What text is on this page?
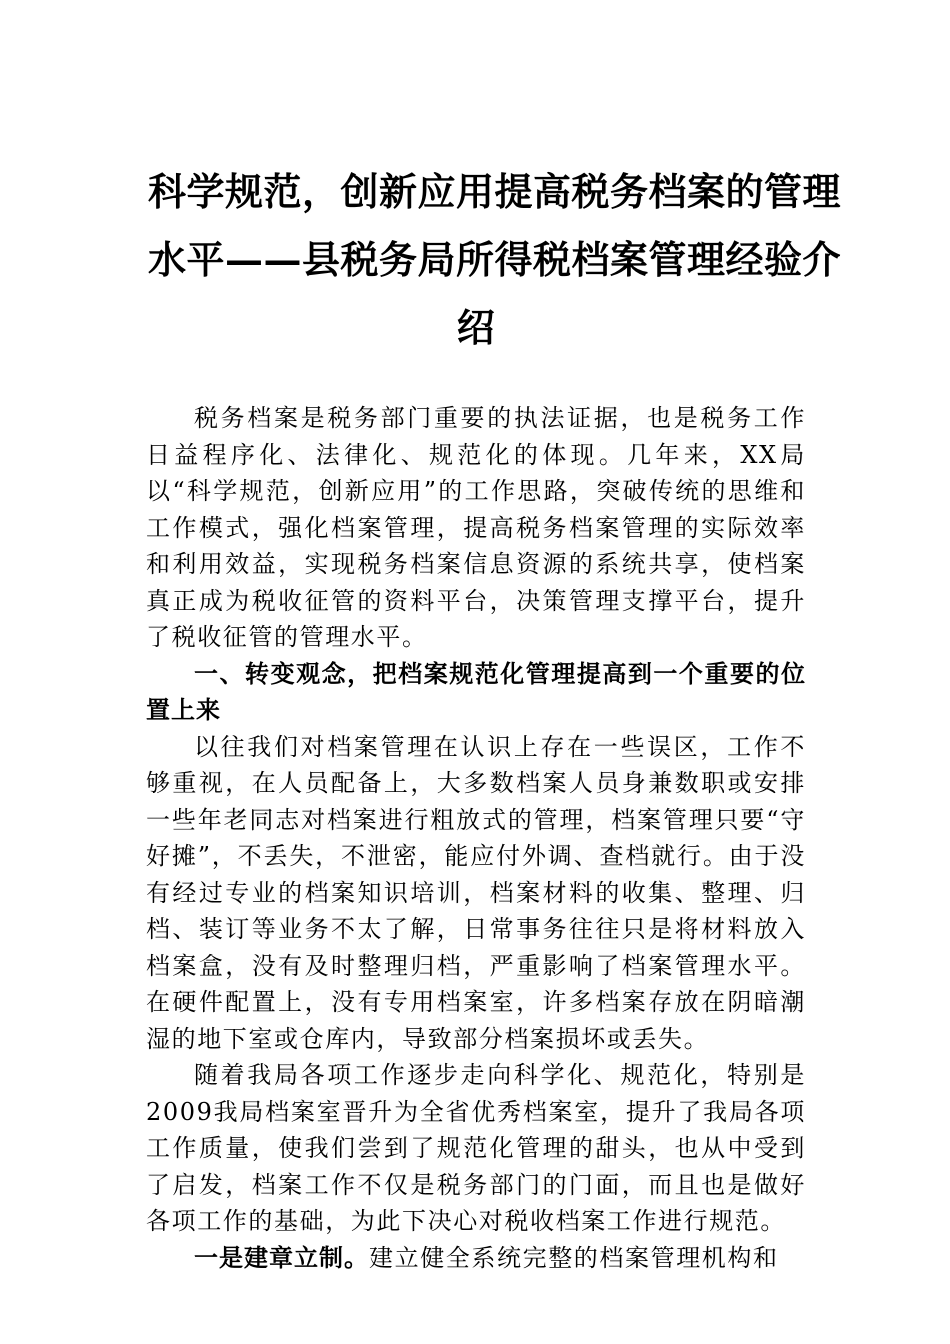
科学规范，创新应用提高税务档案的管理
水平——县税务局所得税档案管理经验介
绍

税务档案是税务部门重要的执法证据，也是税务工作日益程序化、法律化、规范化的体现。几年来，XX局以“科学规范，创新应用”的工作思路，突破传统的思维和工作模式，强化档案管理，提高税务档案管理的实际效率和利用效益，实现税务档案信息资源的系统共享，使档案真正成为税收征管的资料平台，决策管理支撑平台，提升了税收征管的管理水平。

一、转变观念，把档案规范化管理提高到一个重要的位置上来

以往我们对档案管理在认识上存在一些误区，工作不够重视，在人员配备上，大多数档案人员身兼数职或安排一些年老同志对档案进行粗放式的管理，档案管理只要“守好摊”，不丢失，不泄密，能应付外调、查档就行。由于没有经过专业的档案知识培训，档案材料的收集、整理、归档、装订等业务不太了解，日常事务往往只是将材料放入档案盒，没有及时整理归档，严重影响了档案管理水平。在硬件配置上，没有专用档案室，许多档案存放在阴暗潮湿的地下室或仓库内，导致部分档案损坏或丢失。

随着我局各项工作逐步走向科学化、规范化，特别是2009我局档案室晋升为全省优秀档案室，提升了我局各项工作质量，使我们尝到了规范化管理的甜头，也从中受到了启发，档案工作不仅是税务部门的门面，而且也是做好各项工作的基础，为此下决心对税收档案工作进行规范。

一是建章立制。建立健全系统完整的档案管理机构和
